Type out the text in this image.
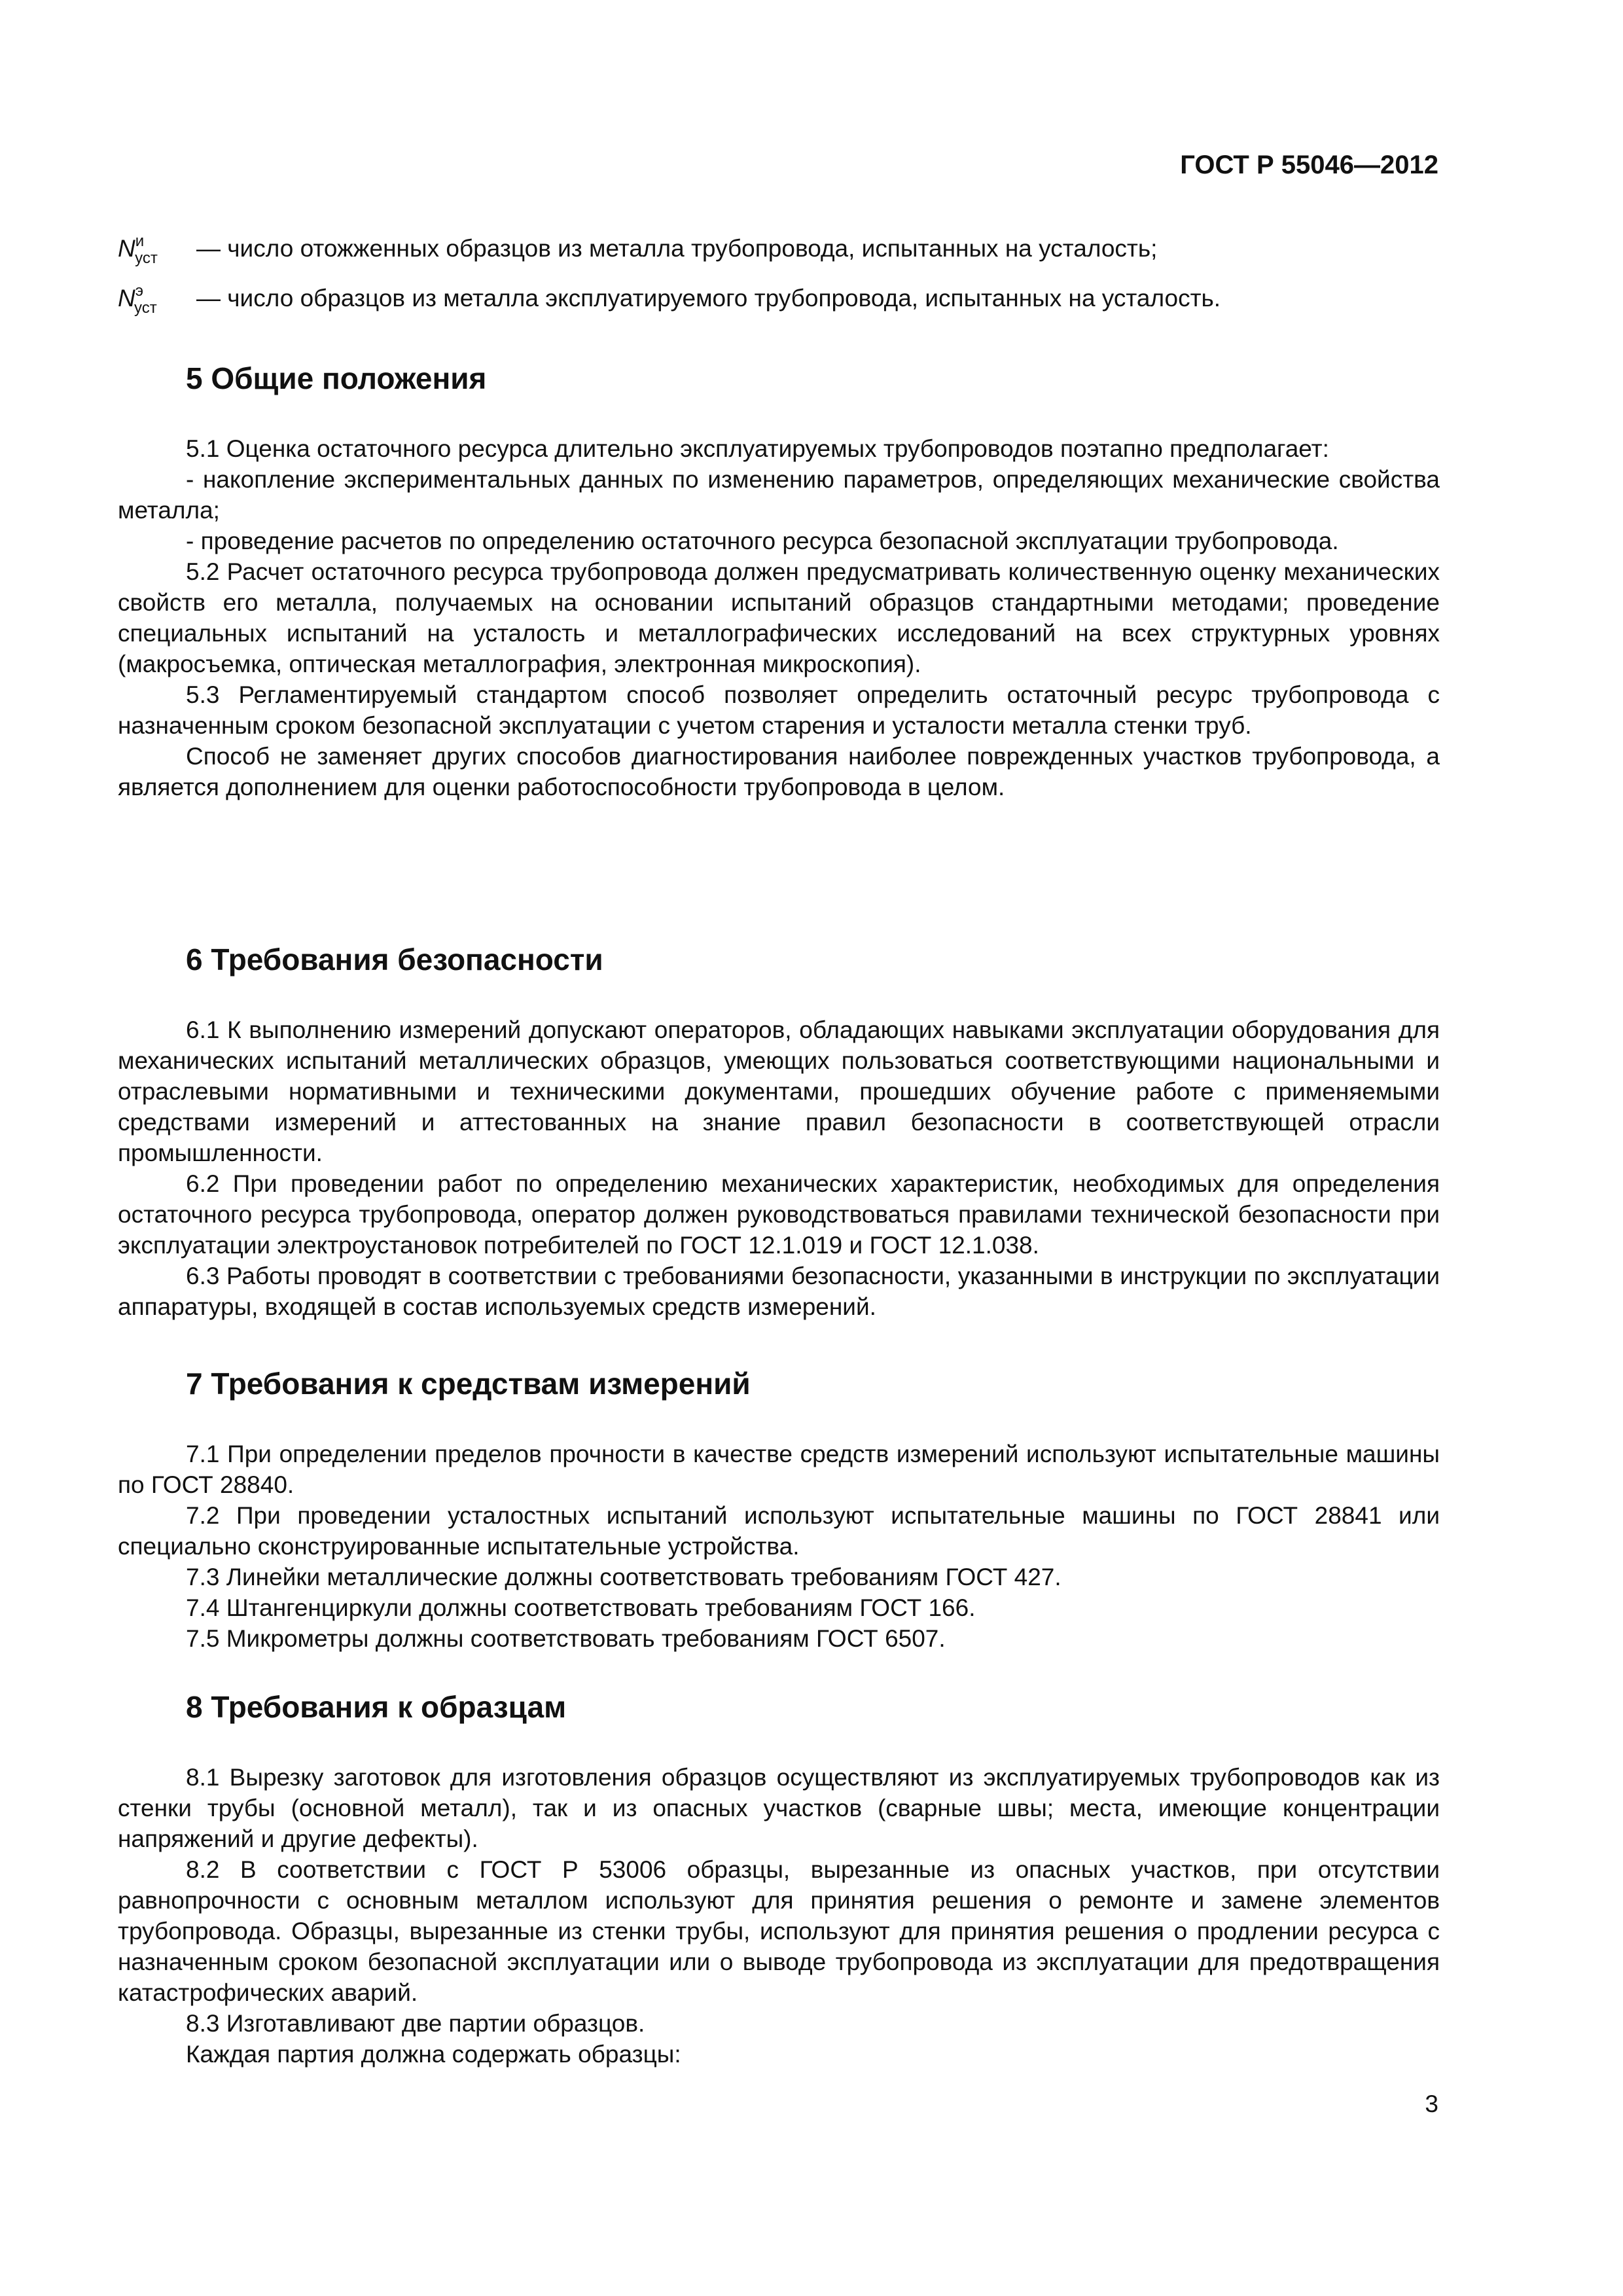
ГОСТ Р 55046—2012
$N^и_{уст}$ — число отожженных образцов из металла трубопровода, испытанных на усталость;
$N^э_{уст}$ — число образцов из металла эксплуатируемого трубопровода, испытанных на усталость.
5 Общие положения

5.1 Оценка остаточного ресурса длительно эксплуатируемых трубопроводов поэтапно предполагает:

- накопление экспериментальных данных по изменению параметров, определяющих механические свойства металла;

- проведение расчетов по определению остаточного ресурса безопасной эксплуатации трубопровода.

5.2 Расчет остаточного ресурса трубопровода должен предусматривать количественную оценку механических свойств его металла, получаемых на основании испытаний образцов стандартными методами; проведение специальных испытаний на усталость и металлографических исследований на всех структурных уровнях (макросъемка, оптическая металлография, электронная микроскопия).

5.3 Регламентируемый стандартом способ позволяет определить остаточный ресурс трубопровода с назначенным сроком безопасной эксплуатации с учетом старения и усталости металла стенки труб.

Способ не заменяет других способов диагностирования наиболее поврежденных участков трубопровода, а является дополнением для оценки работоспособности трубопровода в целом.

6 Требования безопасности

6.1 К выполнению измерений допускают операторов, обладающих навыками эксплуатации оборудования для механических испытаний металлических образцов, умеющих пользоваться соответствующими национальными и отраслевыми нормативными и техническими документами, прошедших обучение работе с применяемыми средствами измерений и аттестованных на знание правил безопасности в соответствующей отрасли промышленности.

6.2 При проведении работ по определению механических характеристик, необходимых для определения остаточного ресурса трубопровода, оператор должен руководствоваться правилами технической безопасности при эксплуатации электроустановок потребителей по ГОСТ 12.1.019 и ГОСТ 12.1.038.

6.3 Работы проводят в соответствии с требованиями безопасности, указанными в инструкции по эксплуатации аппаратуры, входящей в состав используемых средств измерений.

7 Требования к средствам измерений

7.1 При определении пределов прочности в качестве средств измерений используют испытательные машины по ГОСТ 28840.

7.2 При проведении усталостных испытаний используют испытательные машины по ГОСТ 28841 или специально сконструированные испытательные устройства.

7.3 Линейки металлические должны соответствовать требованиям ГОСТ 427.

7.4 Штангенциркули должны соответствовать требованиям ГОСТ 166.

7.5 Микрометры должны соответствовать требованиям ГОСТ 6507.

8 Требования к образцам

8.1 Вырезку заготовок для изготовления образцов осуществляют из эксплуатируемых трубопроводов как из стенки трубы (основной металл), так и из опасных участков (сварные швы; места, имеющие концентрации напряжений и другие дефекты).

8.2 В соответствии с ГОСТ Р 53006 образцы, вырезанные из опасных участков, при отсутствии равнопрочности с основным металлом используют для принятия решения о ремонте и замене элементов трубопровода. Образцы, вырезанные из стенки трубы, используют для принятия решения о продлении ресурса с назначенным сроком безопасной эксплуатации или о выводе трубопровода из эксплуатации для предотвращения катастрофических аварий.

8.3 Изготавливают две партии образцов.

Каждая партия должна содержать образцы:

3
